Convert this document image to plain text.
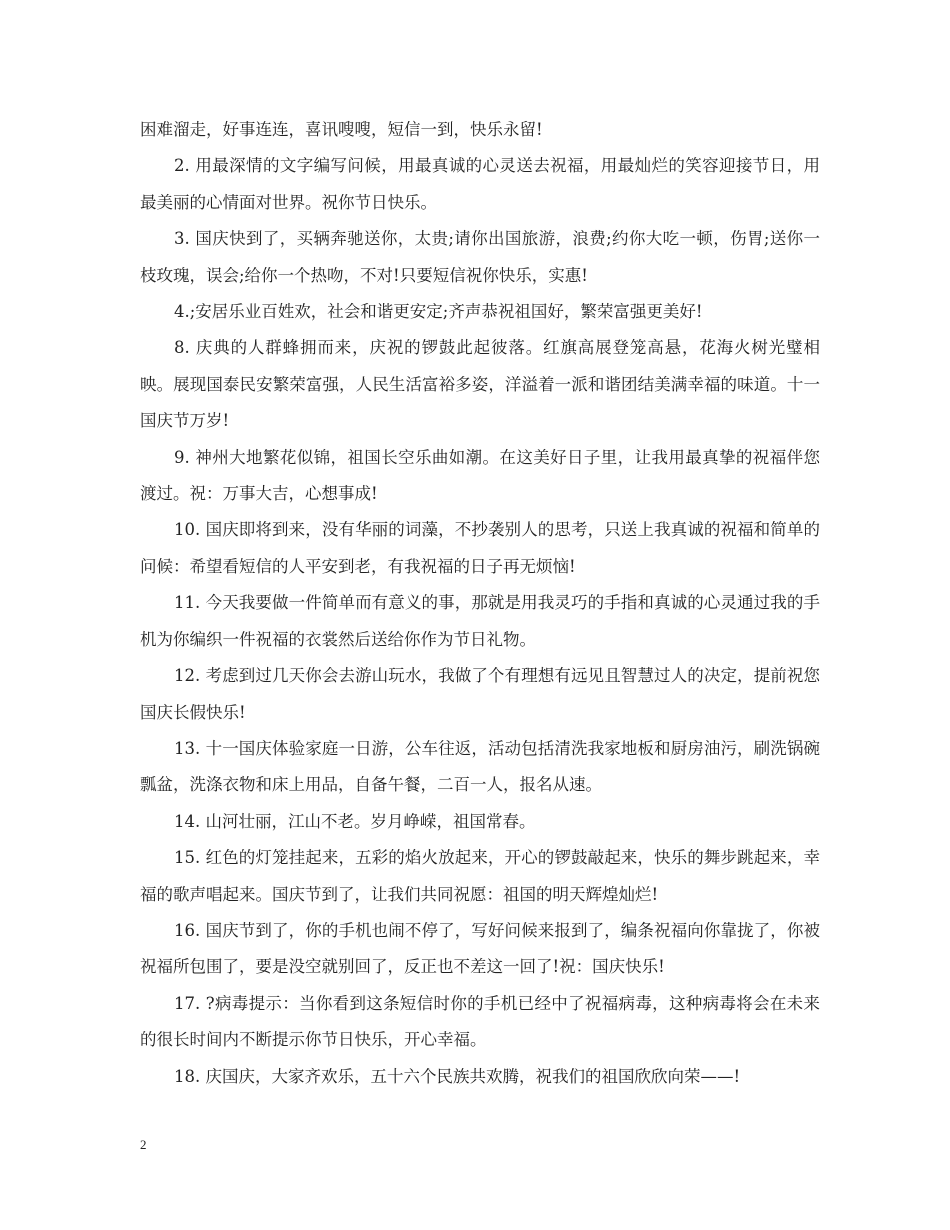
困难溜走，好事连连，喜讯嗖嗖，短信一到，快乐永留!

2. 用最深情的文字编写问候，用最真诚的心灵送去祝福，用最灿烂的笑容迎接节日，用最美丽的心情面对世界。祝你节日快乐。

3. 国庆快到了，买辆奔驰送你，太贵;请你出国旅游，浪费;约你大吃一顿，伤胃;送你一枝玫瑰，误会;给你一个热吻，不对!只要短信祝你快乐，实惠!

4.;安居乐业百姓欢，社会和谐更安定;齐声恭祝祖国好，繁荣富强更美好!

8. 庆典的人群蜂拥而来，庆祝的锣鼓此起彼落。红旗高展登笼高悬，花海火树光璧相映。展现国泰民安繁荣富强，人民生活富裕多姿，洋溢着一派和谐团结美满幸福的味道。十一国庆节万岁!

9. 神州大地繁花似锦，祖国长空乐曲如潮。在这美好日子里，让我用最真挚的祝福伴您渡过。祝：万事大吉，心想事成!

10. 国庆即将到来，没有华丽的词藻，不抄袭别人的思考，只送上我真诚的祝福和简单的问候：希望看短信的人平安到老，有我祝福的日子再无烦恼!

11. 今天我要做一件简单而有意义的事，那就是用我灵巧的手指和真诚的心灵通过我的手机为你编织一件祝福的衣裳然后送给你作为节日礼物。

12. 考虑到过几天你会去游山玩水，我做了个有理想有远见且智慧过人的决定，提前祝您国庆长假快乐!

13. 十一国庆体验家庭一日游，公车往返，活动包括清洗我家地板和厨房油污，刷洗锅碗瓢盆，洗涤衣物和床上用品，自备午餐，二百一人，报名从速。

14. 山河壮丽，江山不老。岁月峥嵘，祖国常春。

15. 红色的灯笼挂起来，五彩的焰火放起来，开心的锣鼓敲起来，快乐的舞步跳起来，幸福的歌声唱起来。国庆节到了，让我们共同祝愿：祖国的明天辉煌灿烂!

16. 国庆节到了，你的手机也闹不停了，写好问候来报到了，编条祝福向你靠拢了，你被祝福所包围了，要是没空就别回了，反正也不差这一回了!祝：国庆快乐!

17. ?病毒提示：当你看到这条短信时你的手机已经中了祝福病毒，这种病毒将会在未来的很长时间内不断提示你节日快乐，开心幸福。

18. 庆国庆，大家齐欢乐，五十六个民族共欢腾，祝我们的祖国欣欣向荣——!

2
